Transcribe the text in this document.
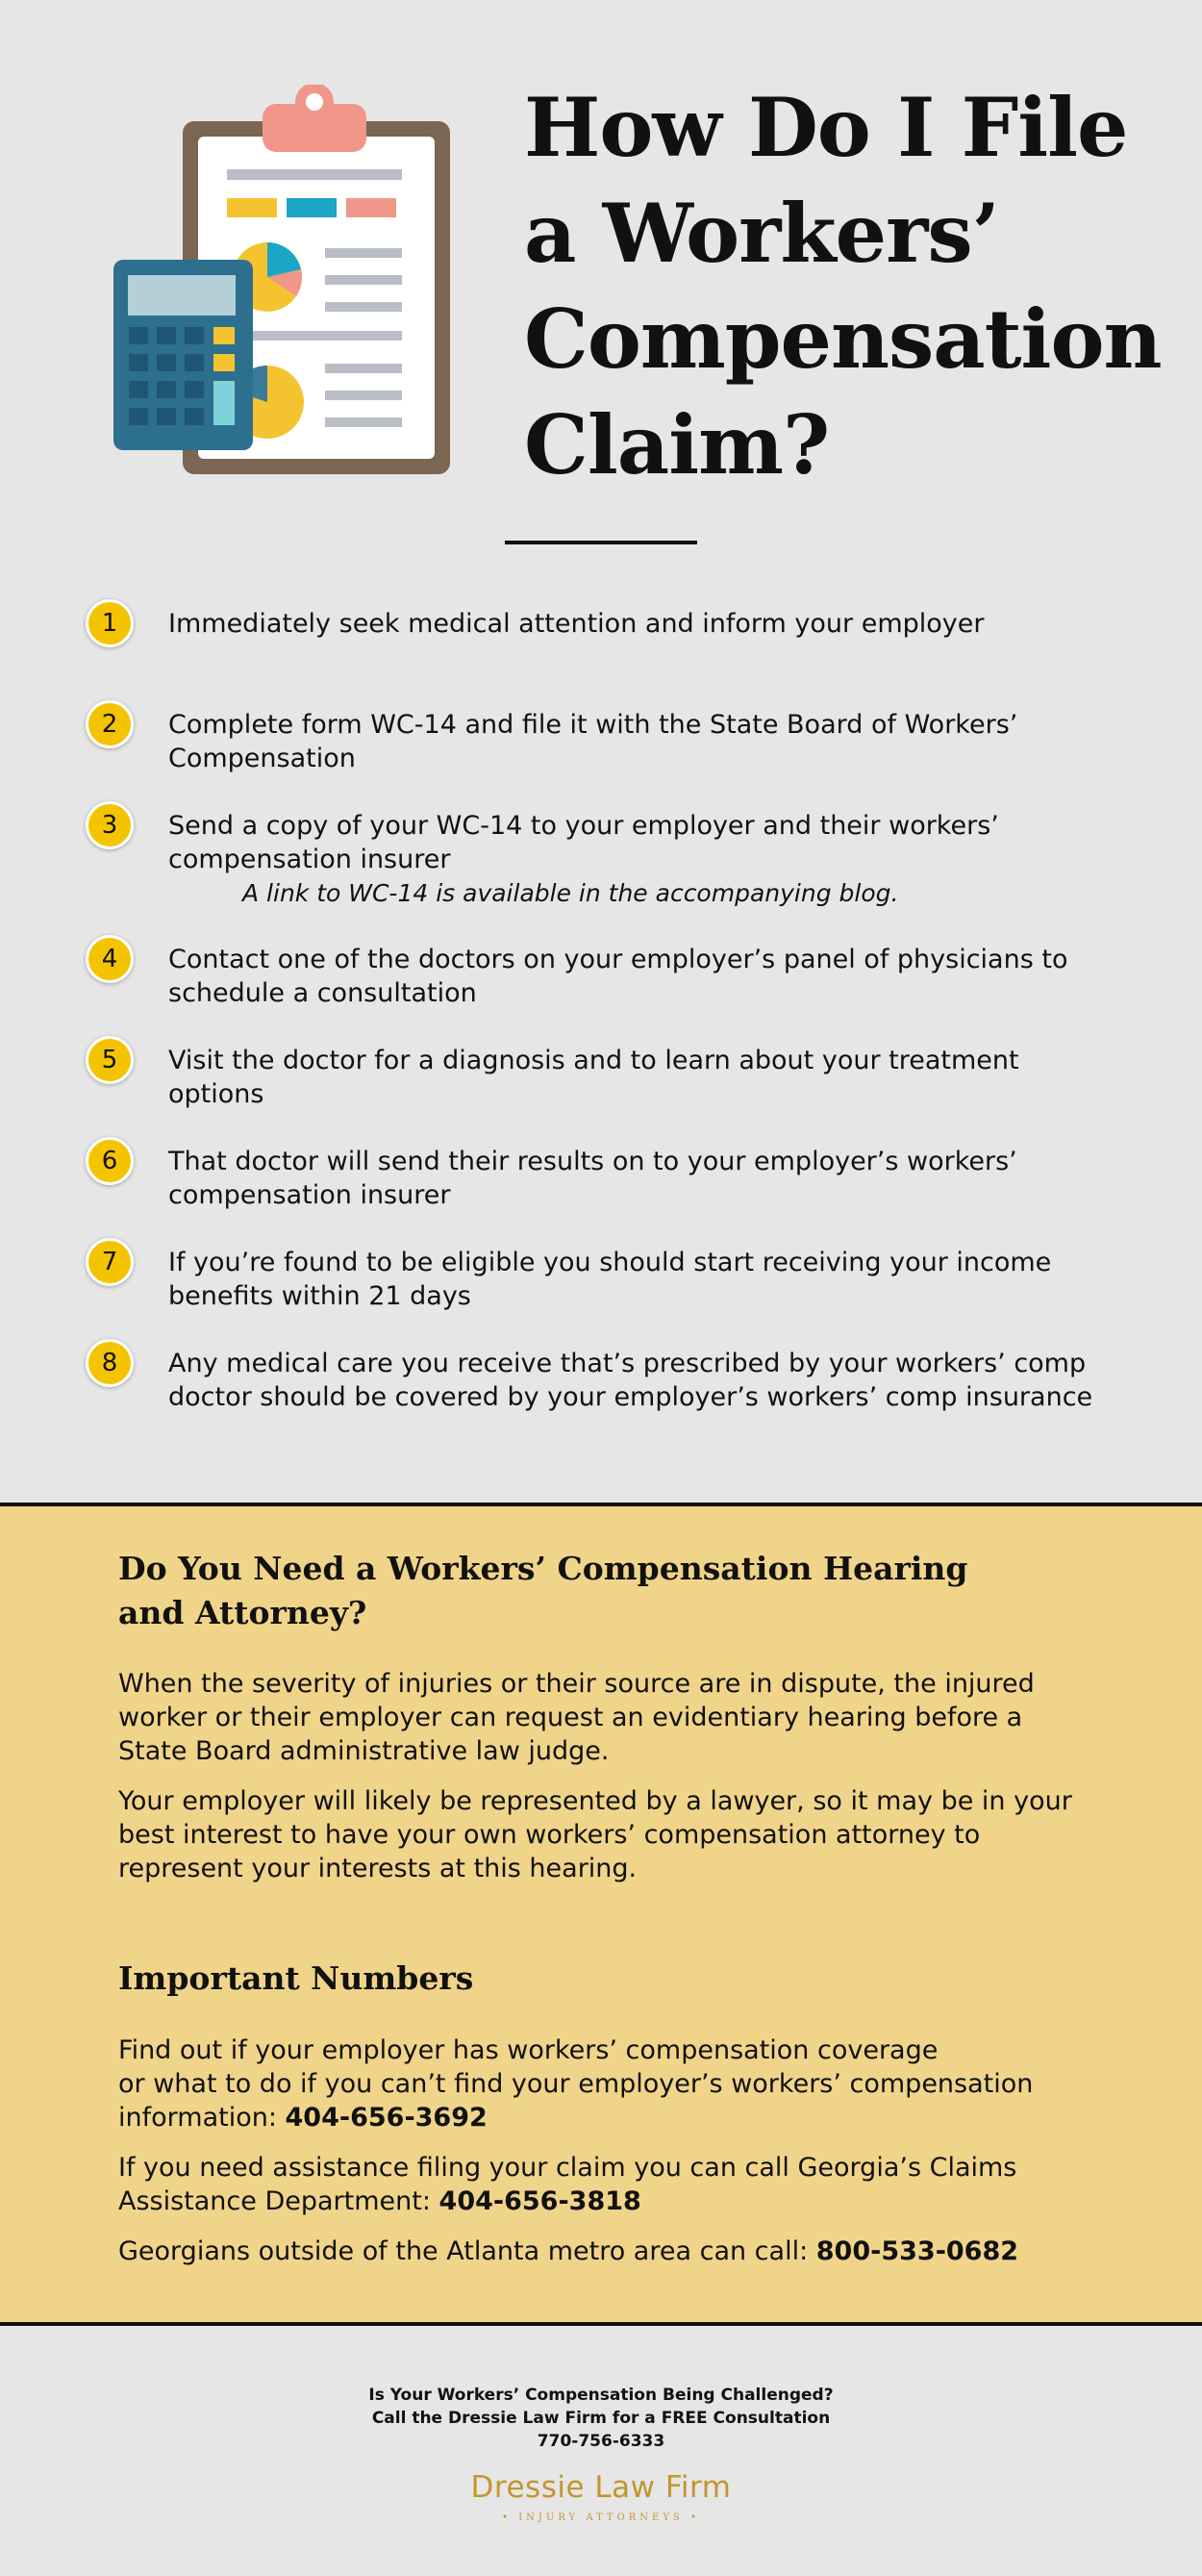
How Do I File
a Workers’
Compensation
Claim?
1	Immediately seek medical attention and inform your employer
2	Complete form WC-14 and file it with the State Board of Workers’ Compensation
3	Send a copy of your WC-14 to your employer and their workers’ compensation insurer
A link to WC-14 is available in the accompanying blog.
4	Contact one of the doctors on your employer’s panel of physicians to schedule a consultation
5	Visit the doctor for a diagnosis and to learn about your treatment options
6	That doctor will send their results on to your employer’s workers’ compensation insurer
7	If you’re found to be eligible you should start receiving your income benefits within 21 days
8	Any medical care you receive that’s prescribed by your workers’ comp doctor should be covered by your employer’s workers’ comp insurance
Do You Need a Workers’ Compensation Hearing
and Attorney?
When the severity of injuries or their source are in dispute, the injured worker or their employer can request an evidentiary hearing before a State Board administrative law judge.
Your employer will likely be represented by a lawyer, so it may be in your best interest to have your own workers’ compensation attorney to represent your interests at this hearing.
Important Numbers
Find out if your employer has workers’ compensation coverage
or what to do if you can’t find your employer’s workers’ compensation
information: 404-656-3692
If you need assistance filing your claim you can call Georgia’s Claims Assistance Department: 404-656-3818
Georgians outside of the Atlanta metro area can call: 800-533-0682
Is Your Workers’ Compensation Being Challenged?
Call the Dressie Law Firm for a FREE Consultation
770-756-6333
Dressie Law Firm
• INJURY ATTORNEYS •
